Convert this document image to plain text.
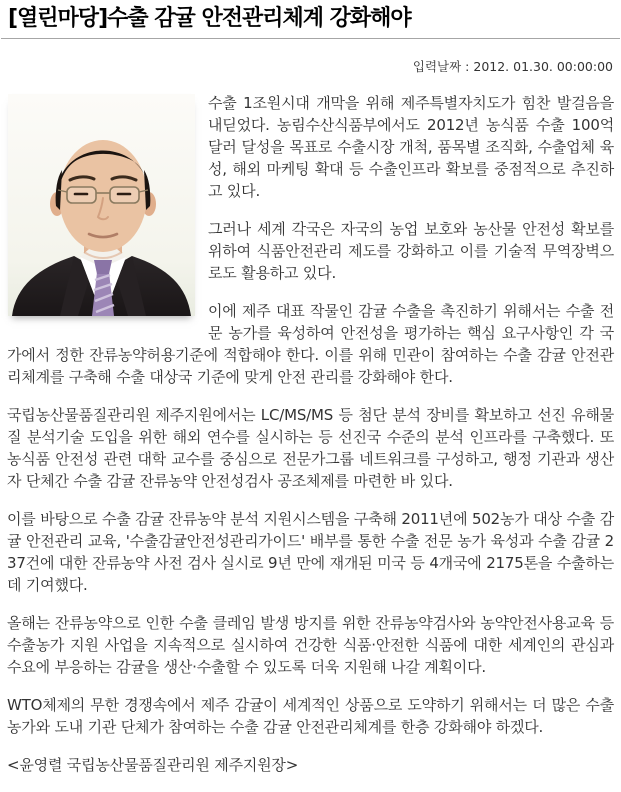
[열린마당]수출 감귤 안전관리체계 강화해야
입력날짜 : 2012. 01.30. 00:00:00

수출 1조원시대 개막을 위해 제주특별자치도가 힘찬 발걸음을 내딛었다. 농림수산식품부에서도 2012년 농식품 수출 100억 달러 달성을 목표로 수출시장 개척, 품목별 조직화, 수출업체 육성, 해외 마케팅 확대 등 수출인프라 확보를 중점적으로 추진하고 있다.

그러나 세계 각국은 자국의 농업 보호와 농산물 안전성 확보를 위하여 식품안전관리 제도를 강화하고 이를 기술적 무역장벽으로도 활용하고 있다.

이에 제주 대표 작물인 감귤 수출을 촉진하기 위해서는 수출 전문 농가를 육성하여 안전성을 평가하는 핵심 요구사항인 각 국가에서 정한 잔류농약허용기준에 적합해야 한다. 이를 위해 민관이 참여하는 수출 감귤 안전관리체계를 구축해 수출 대상국 기준에 맞게 안전 관리를 강화해야 한다.

국립농산물품질관리원 제주지원에서는 LC/MS/MS 등 첨단 분석 장비를 확보하고 선진 유해물질 분석기술 도입을 위한 해외 연수를 실시하는 등 선진국 수준의 분석 인프라를 구축했다. 또 농식품 안전성 관련 대학 교수를 중심으로 전문가그룹 네트워크를 구성하고, 행정 기관과 생산자 단체간 수출 감귤 잔류농약 안전성검사 공조체제를 마련한 바 있다.

이를 바탕으로 수출 감귤 잔류농약 분석 지원시스템을 구축해 2011년에 502농가 대상 수출 감귤 안전관리 교육, '수출감귤안전성관리가이드' 배부를 통한 수출 전문 농가 육성과 수출 감귤 237건에 대한 잔류농약 사전 검사 실시로 9년 만에 재개된 미국 등 4개국에 2175톤을 수출하는 데 기여했다.

올해는 잔류농약으로 인한 수출 클레임 발생 방지를 위한 잔류농약검사와 농약안전사용교육 등 수출농가 지원 사업을 지속적으로 실시하여 건강한 식품·안전한 식품에 대한 세계인의 관심과 수요에 부응하는 감귤을 생산·수출할 수 있도록 더욱 지원해 나갈 계획이다.

WTO체제의 무한 경쟁속에서 제주 감귤이 세계적인 상품으로 도약하기 위해서는 더 많은 수출 농가와 도내 기관 단체가 참여하는 수출 감귤 안전관리체계를 한층 강화해야 하겠다.

<윤영렬 국립농산물품질관리원 제주지원장>
